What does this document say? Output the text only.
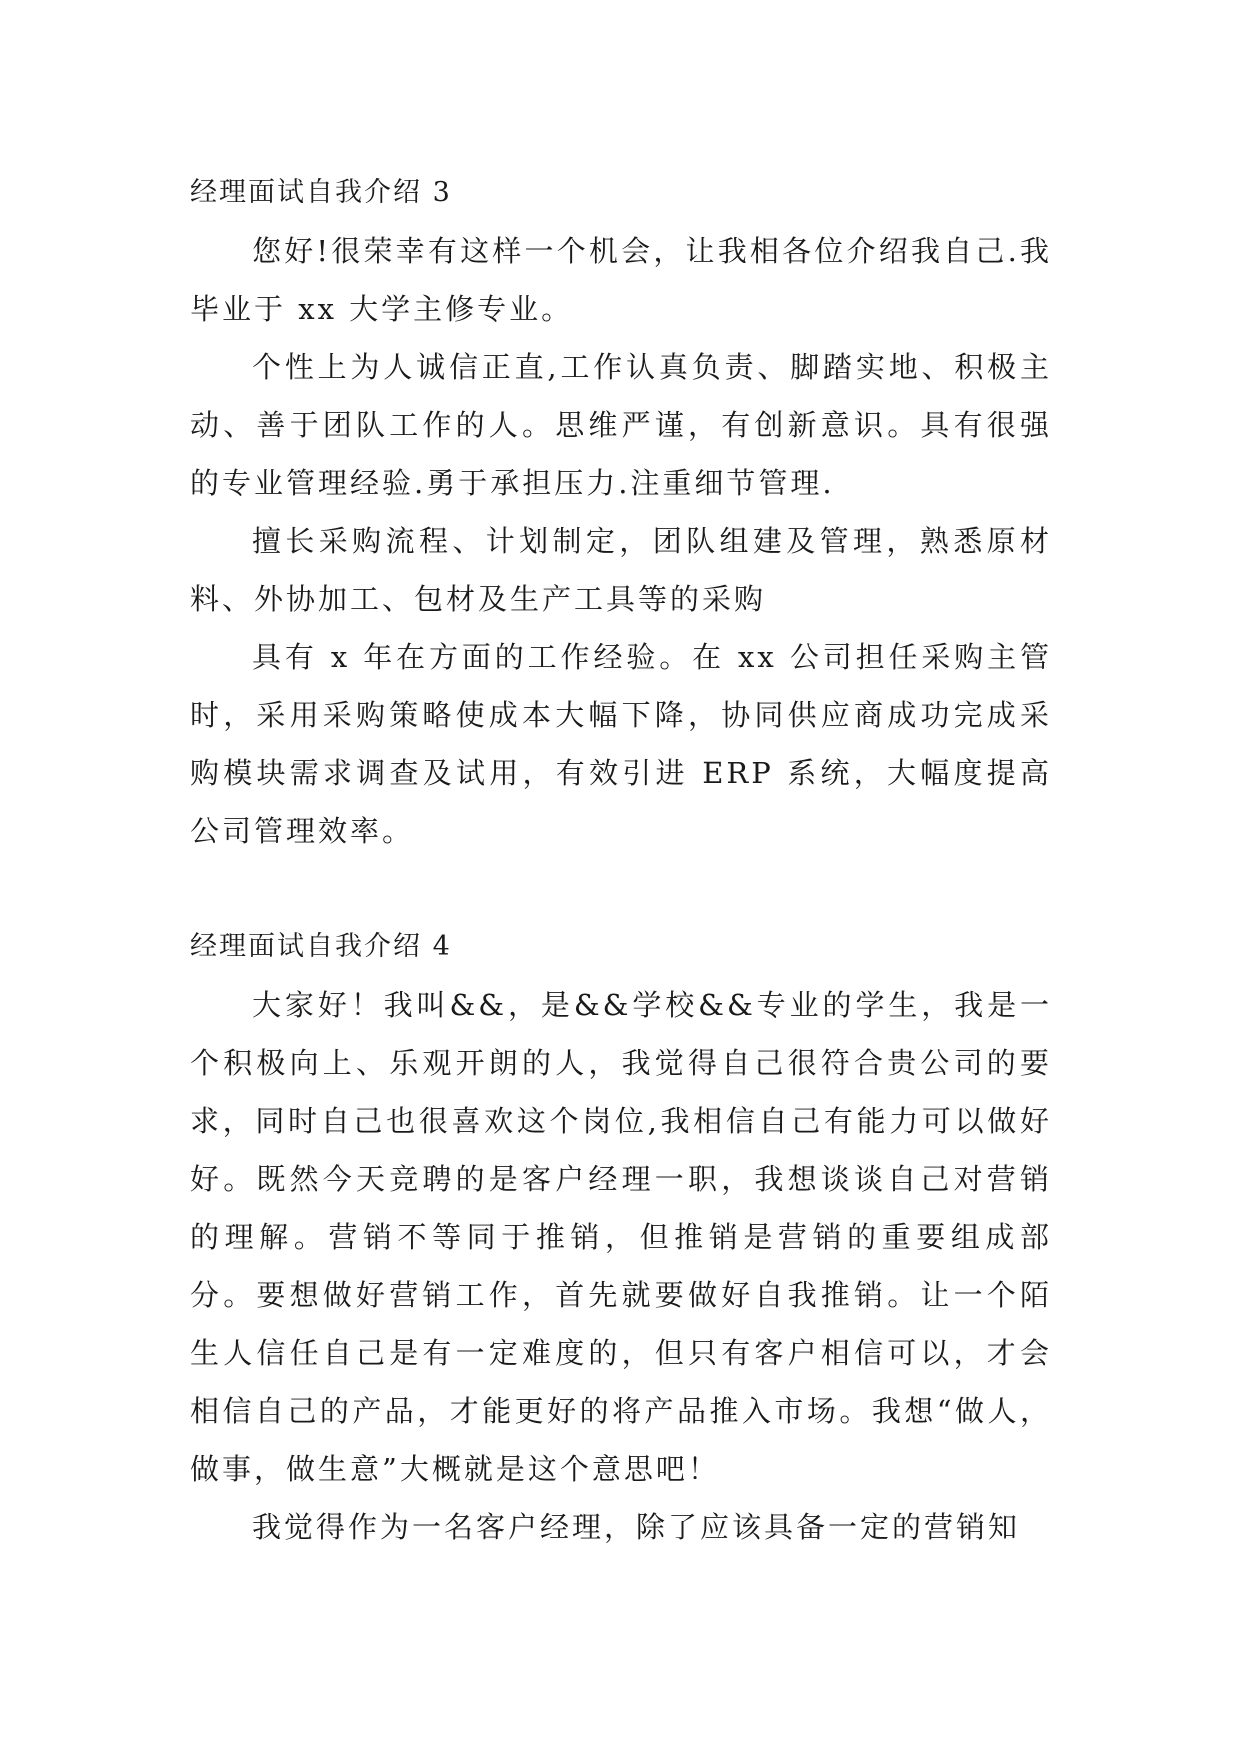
经理面试自我介绍 3

您好!很荣幸有这样一个机会，让我相各位介绍我自己.我毕业于 xx 大学主修专业。

个性上为人诚信正直,工作认真负责、脚踏实地、积极主动、善于团队工作的人。思维严谨，有创新意识。具有很强的专业管理经验.勇于承担压力.注重细节管理.

擅长采购流程、计划制定，团队组建及管理，熟悉原材料、外协加工、包材及生产工具等的采购

具有 x 年在方面的工作经验。在 xx 公司担任采购主管时，采用采购策略使成本大幅下降，协同供应商成功完成采购模块需求调查及试用，有效引进 ERP 系统，大幅度提高公司管理效率。

经理面试自我介绍 4

大家好！我叫&&，是&&学校&&专业的学生，我是一个积极向上、乐观开朗的人，我觉得自己很符合贵公司的要求，同时自己也很喜欢这个岗位,我相信自己有能力可以做好好。既然今天竞聘的是客户经理一职，我想谈谈自己对营销的理解。营销不等同于推销，但推销是营销的重要组成部分。要想做好营销工作，首先就要做好自我推销。让一个陌生人信任自己是有一定难度的，但只有客户相信可以，才会相信自己的产品，才能更好的将产品推入市场。我想“做人，做事，做生意”大概就是这个意思吧！

我觉得作为一名客户经理，除了应该具备一定的营销知
